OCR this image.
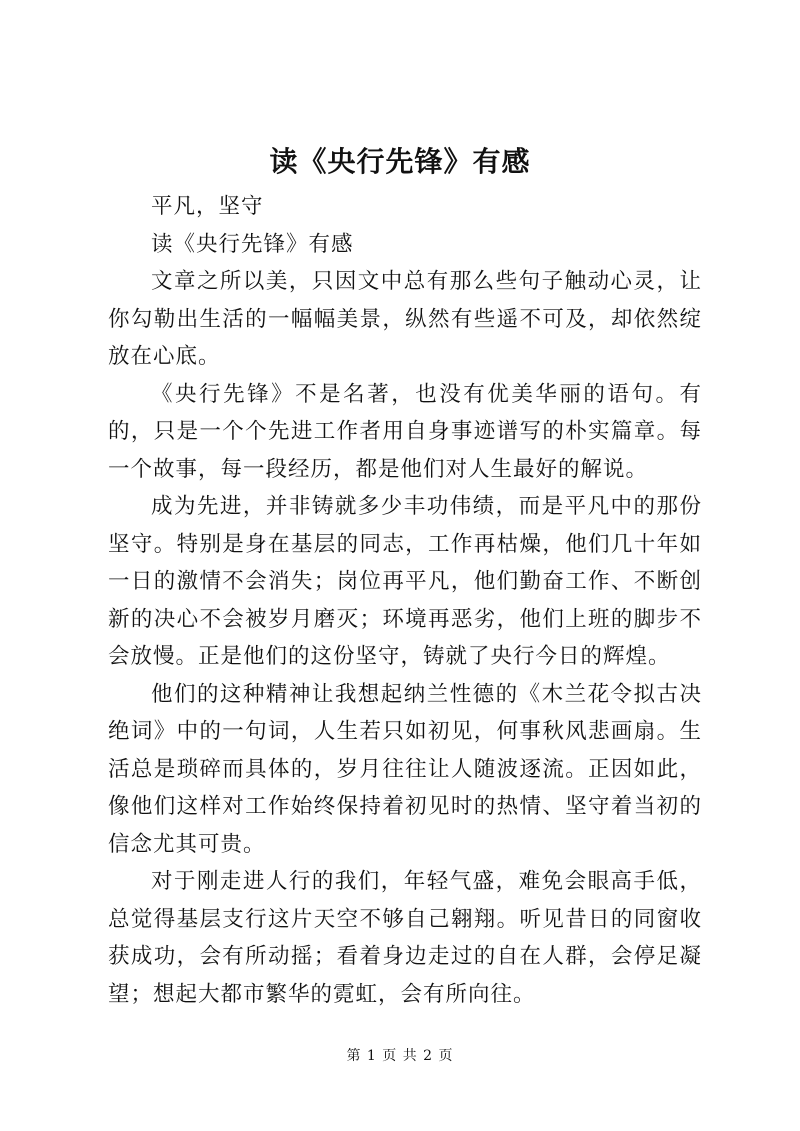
读《央行先锋》有感

平凡，坚守

读《央行先锋》有感

文章之所以美，只因文中总有那么些句子触动心灵，让你勾勒出生活的一幅幅美景，纵然有些遥不可及，却依然绽放在心底。

《央行先锋》不是名著，也没有优美华丽的语句。有的，只是一个个先进工作者用自身事迹谱写的朴实篇章。每一个故事，每一段经历，都是他们对人生最好的解说。

成为先进，并非铸就多少丰功伟绩，而是平凡中的那份坚守。特别是身在基层的同志，工作再枯燥，他们几十年如一日的激情不会消失；岗位再平凡，他们勤奋工作、不断创新的决心不会被岁月磨灭；环境再恶劣，他们上班的脚步不会放慢。正是他们的这份坚守，铸就了央行今日的辉煌。

他们的这种精神让我想起纳兰性德的《木兰花令拟古决绝词》中的一句词，人生若只如初见，何事秋风悲画扇。生活总是琐碎而具体的，岁月往往让人随波逐流。正因如此，像他们这样对工作始终保持着初见时的热情、坚守着当初的信念尤其可贵。

对于刚走进人行的我们，年轻气盛，难免会眼高手低，总觉得基层支行这片天空不够自己翱翔。听见昔日的同窗收获成功，会有所动摇；看着身边走过的自在人群，会停足凝望；想起大都市繁华的霓虹，会有所向往。

第 1 页 共 2 页
